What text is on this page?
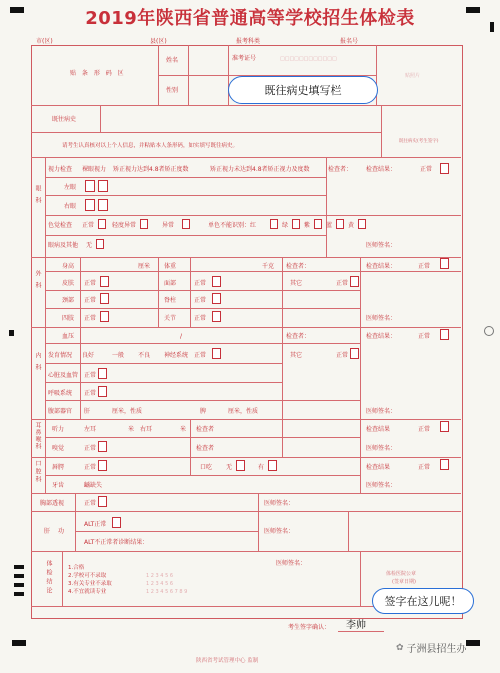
2019年陕西省普通高等学校招生体检表
市(区)	县(区)	报考科类	报名号
贴 条 形 码 区
姓名
性别
准考证号	□□□□□□□□□□□□
贴照片
既往病史
请考生认真核对以上个人信息，并粘贴本人条形码，如实填写既往病史。
既往病史(考生签字)
既往病史填写栏
眼科
视力检查 裸眼视力 矫正视力达到4.8者矫正度数	矫正视力未达到4.8者矫正视力及度数	检查者： 检查结果：	正常
左眼
右眼
色觉检查 正常	轻度异常	异常	单色不能识别：红	绿	紫	蓝	黄
眼病及其他 无	医师签名：
外科
身高	厘米 体重	千克 检查者：	检查结果：	正常
皮肤 正常	面部	正常	其它	正常
颈部 正常	脊柱	正常
四肢 正常	关节	正常	医师签名：
内科
血压	/	检查者：	检查结果：	正常
发育情况 良好	一般 不良 神经系统 正常	其它	正常
心脏及血管 正常
呼吸系统 正常
腹部器官 肝	厘米，性质	脾	厘米，性质	医师签名：
耳鼻喉科 听力	左耳	米 右耳	米 检查者	检查结果	正常
嗅觉	正常	检查者	医师签名：
口腔科 唇腭	正常	口吃 无	有	检查结果	正常
牙齿	齲缺失	医师签名：
胸部透视	正常	医师签名：
肝功
ALT正常
ALT不正常者诊断结果：
医师签名：
体检结论	1.合格
2.学校可不录取
3.有关专业不录取
4.不宜就读专业
1 2 3 4 5 6
1 2 3 4 5 6
1 2 3 4 5 6 7 8 9
医师签名：
体检医院公章
(签章日期)
考生签字确认： 李帅
签字在这儿呢！
陕西省考试管理中心 监制
✿ 子洲县招生办
